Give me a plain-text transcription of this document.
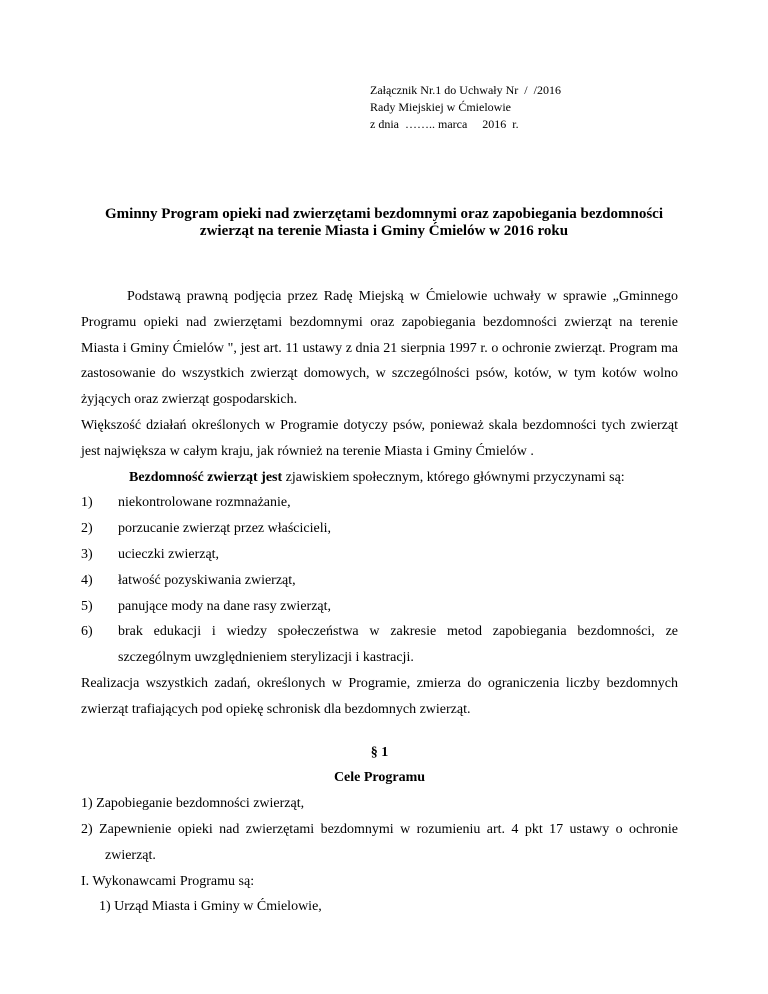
Załącznik Nr.1 do Uchwały Nr  /  /2016
Rady Miejskiej w Ćmielowie
z dnia  …….. marca     2016  r.
Gminny Program opieki nad zwierzętami bezdomnymi oraz zapobiegania bezdomności
zwierząt na terenie Miasta i Gminy Ćmielów w 2016 roku

Podstawą prawną podjęcia przez Radę Miejską w Ćmielowie uchwały w sprawie „Gminnego Programu opieki nad zwierzętami bezdomnymi oraz zapobiegania bezdomności zwierząt na terenie Miasta i Gminy Ćmielów ", jest art. 11 ustawy z dnia 21 sierpnia 1997 r. o ochronie zwierząt. Program ma zastosowanie do wszystkich zwierząt domowych, w szczególności psów, kotów, w tym kotów wolno żyjących oraz zwierząt gospodarskich.

Większość działań określonych w Programie dotyczy psów, ponieważ skala bezdomności tych zwierząt jest największa w całym kraju, jak również na terenie Miasta i Gminy Ćmielów .

Bezdomność zwierząt jest zjawiskiem społecznym, którego głównymi przyczynami są:

1) niekontrolowane rozmnażanie,
2) porzucanie zwierząt przez właścicieli,
3) ucieczki zwierząt,
4) łatwość pozyskiwania zwierząt,
5) panujące mody na dane rasy zwierząt,
6) brak edukacji i wiedzy społeczeństwa w zakresie metod zapobiegania bezdomności, ze szczególnym uwzględnieniem sterylizacji i kastracji.

Realizacja wszystkich zadań, określonych w Programie, zmierza do ograniczenia liczby bezdomnych zwierząt trafiających pod opiekę schronisk dla bezdomnych zwierząt.

§ 1
Cele Programu
1) Zapobieganie bezdomności zwierząt,
2) Zapewnienie opieki nad zwierzętami bezdomnymi w rozumieniu art. 4 pkt 17 ustawy o ochronie zwierząt.

I. Wykonawcami Programu są:

1) Urząd Miasta i Gminy w Ćmielowie,
